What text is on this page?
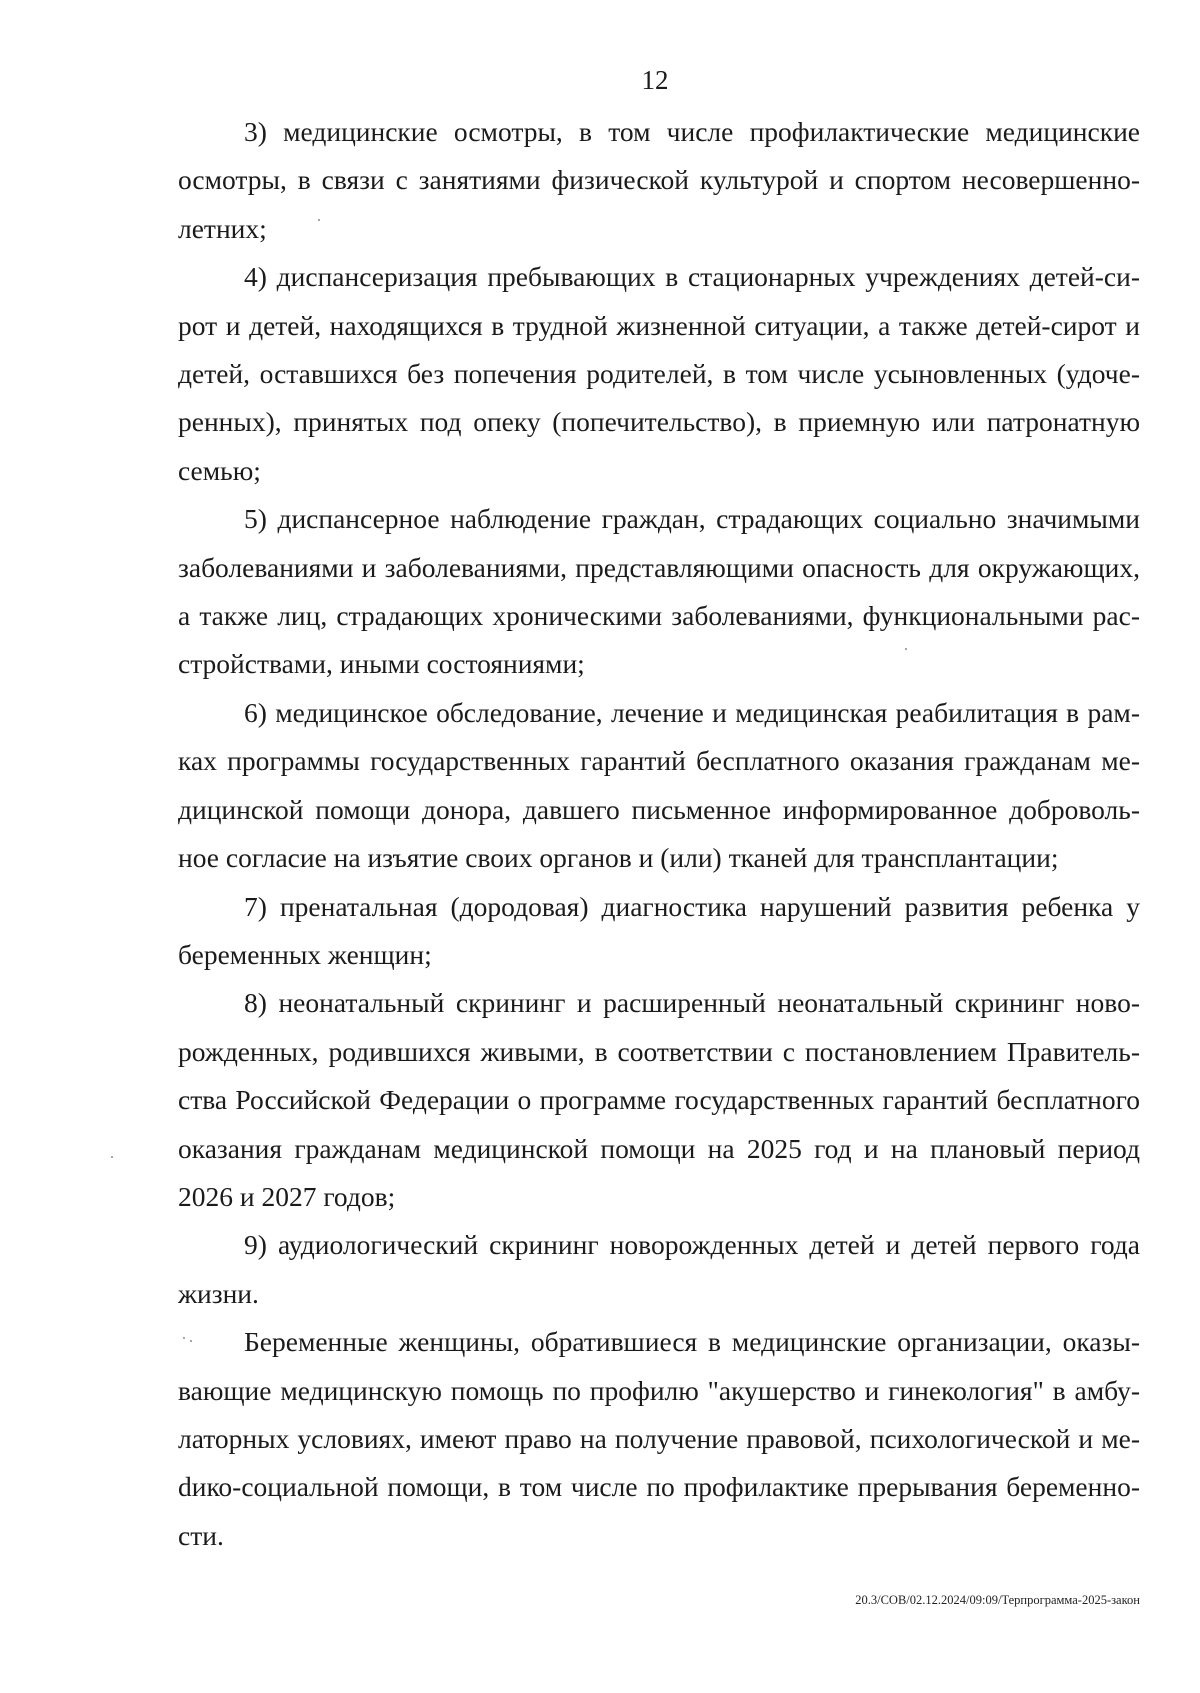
12

3) медицинские осмотры, в том числе профилактические медицинские осмотры, в связи с занятиями физической культурой и спортом несовершеннолетних;

4) диспансеризация пребывающих в стационарных учреждениях детей-сирот и детей, находящихся в трудной жизненной ситуации, а также детей-сирот и детей, оставшихся без попечения родителей, в том числе усыновленных (удочеренных), принятых под опеку (попечительство), в приемную или патронатную семью;

5) диспансерное наблюдение граждан, страдающих социально значимыми заболеваниями и заболеваниями, представляющими опасность для окружающих, а также лиц, страдающих хроническими заболеваниями, функциональными расстройствами, иными состояниями;

6) медицинское обследование, лечение и медицинская реабилитация в рамках программы государственных гарантий бесплатного оказания гражданам медицинской помощи донора, давшего письменное информированное добровольное согласие на изъятие своих органов и (или) тканей для трансплантации;

7) пренатальная (дородовая) диагностика нарушений развития ребенка у беременных женщин;

8) неонатальный скрининг и расширенный неонатальный скрининг новорожденных, родившихся живыми, в соответствии с постановлением Правительства Российской Федерации о программе государственных гарантий бесплатного оказания гражданам медицинской помощи на 2025 год и на плановый период 2026 и 2027 годов;

9) аудиологический скрининг новорожденных детей и детей первого года жизни.

Беременные женщины, обратившиеся в медицинские организации, оказывающие медицинскую помощь по профилю "акушерство и гинекология" в амбулаторных условиях, имеют право на получение правовой, психологической и меdико-социальной помощи, в том числе по профилактике прерывания беременности.

20.3/СОВ/02.12.2024/09:09/Терпрограмма-2025-закон
